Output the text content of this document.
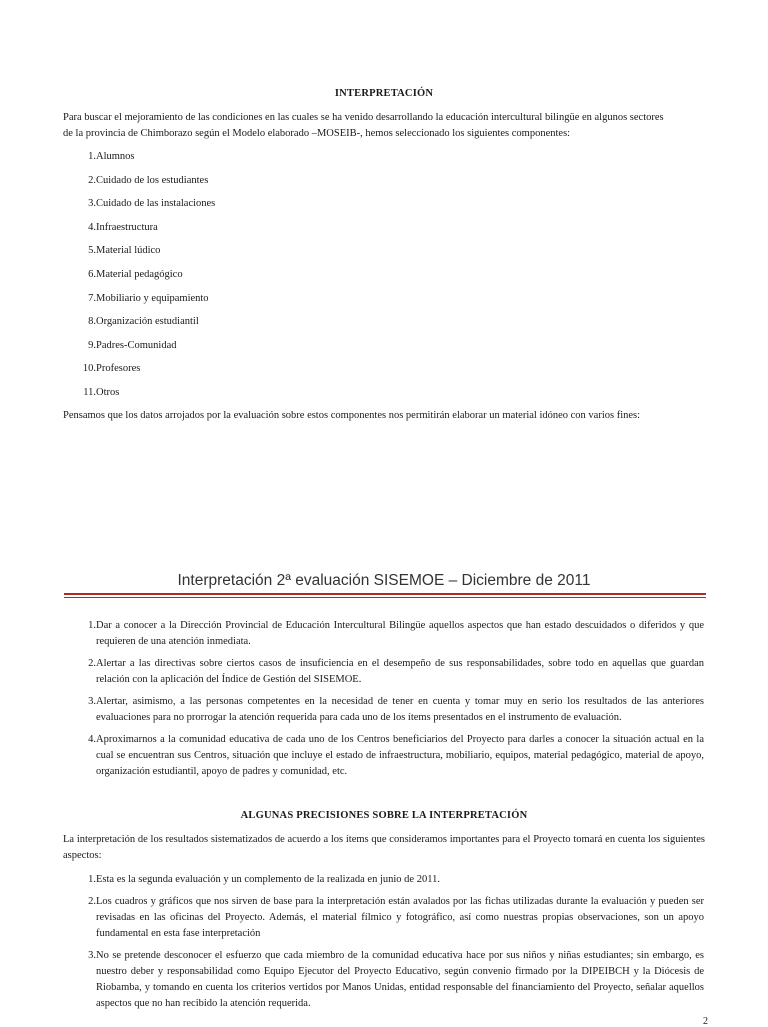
INTERPRETACIÓN

Para buscar el mejoramiento de las condiciones en las cuales se ha venido desarrollando la educación intercultural bilingüe en algunos sectores
de la provincia de Chimborazo según el Modelo elaborado –MOSEIB-, hemos seleccionado los siguientes componentes:

1. Alumnos
2. Cuidado de los estudiantes
3. Cuidado de las instalaciones
4. Infraestructura
5. Material lúdico
6. Material pedagógico
7. Mobiliario y equipamiento
8. Organización estudiantil
9. Padres-Comunidad
10. Profesores
11. Otros

Pensamos que los datos arrojados por la evaluación sobre estos componentes nos permitirán elaborar un material idóneo con varios fines:

Interpretación 2ª evaluación SISEMOE – Diciembre de 2011
1. Dar a conocer a la Dirección Provincial de Educación Intercultural Bilingüe aquellos aspectos que han estado descuidados o diferidos y que requieren de una atención inmediata.
2. Alertar a las directivas sobre ciertos casos de insuficiencia en el desempeño de sus responsabilidades, sobre todo en aquellas que guardan relación con la aplicación del Índice de Gestión del SISEMOE.
3. Alertar, asimismo, a las personas competentes en la necesidad de tener en cuenta y tomar muy en serio los resultados de las anteriores evaluaciones para no prorrogar la atención requerida para cada uno de los ítems presentados en el instrumento de evaluación.
4. Aproximarnos a la comunidad educativa de cada uno de los Centros beneficiarios del Proyecto para darles a conocer la situación actual en la cual se encuentran sus Centros, situación que incluye el estado de infraestructura, mobiliario, equipos, material pedagógico, material de apoyo, organización estudiantil, apoyo de padres y comunidad, etc.
ALGUNAS PRECISIONES SOBRE LA INTERPRETACIÓN

La interpretación de los resultados sistematizados de acuerdo a los ítems que consideramos importantes para el Proyecto tomará en cuenta los siguientes aspectos:

1. Esta es la segunda evaluación y un complemento de la realizada en junio de 2011.
2. Los cuadros y gráficos que nos sirven de base para la interpretación están avalados por las fichas utilizadas durante la evaluación y pueden ser revisadas en las oficinas del Proyecto. Además, el material fílmico y fotográfico, así como nuestras propias observaciones, son un apoyo fundamental en esta fase interpretación
3. No se pretende desconocer el esfuerzo que cada miembro de la comunidad educativa hace por sus niños y niñas estudiantes; sin embargo, es nuestro deber y responsabilidad como Equipo Ejecutor del Proyecto Educativo, según convenio firmado por la DIPEIBCH y la Diócesis de Riobamba, y tomando en cuenta los criterios vertidos por Manos Unidas, entidad responsable del financiamiento del Proyecto, señalar aquellos aspectos que no han recibido la atención requerida.
2
